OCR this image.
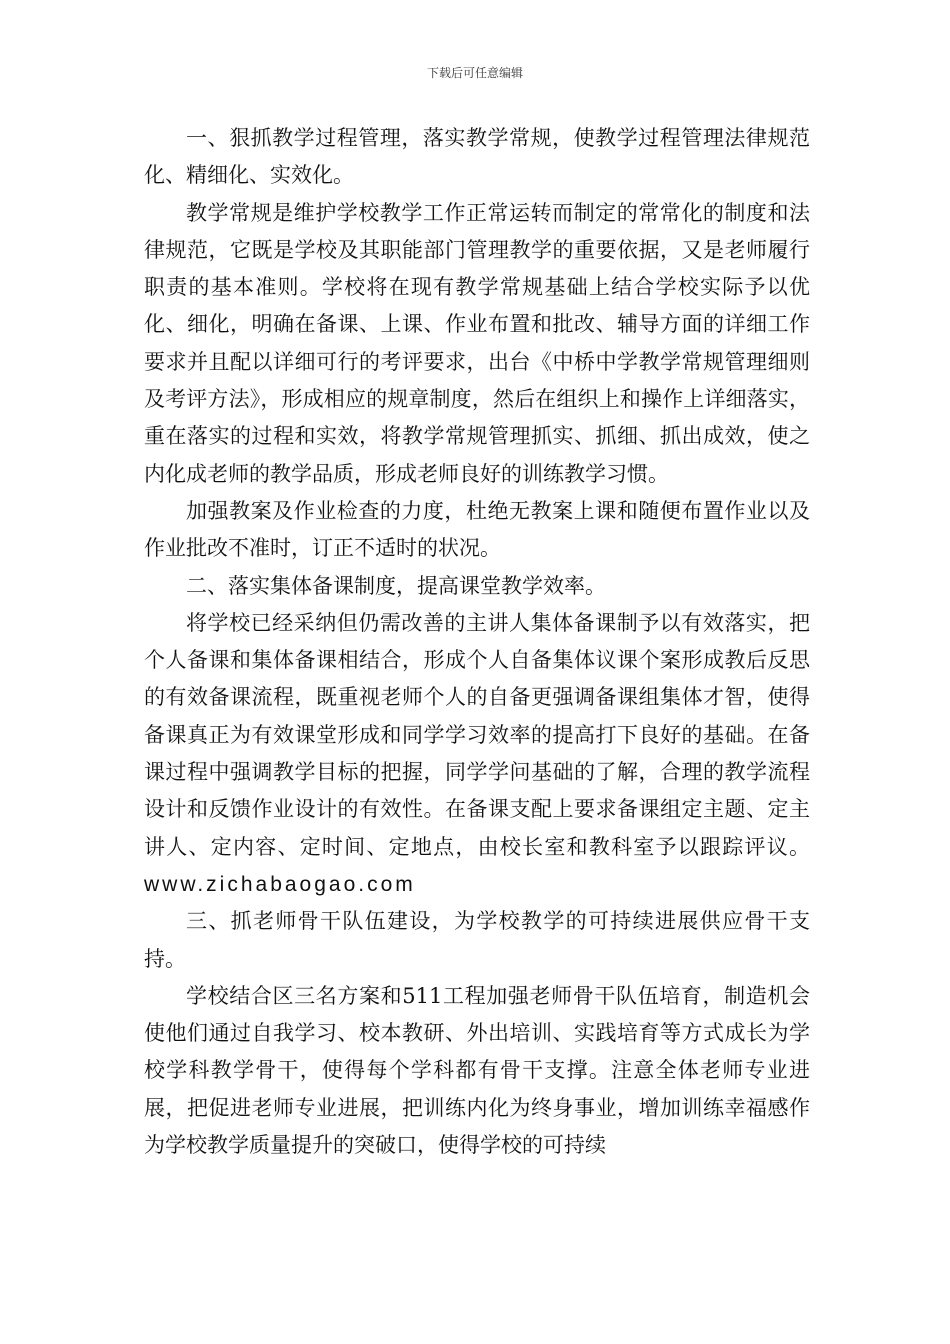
下载后可任意编辑

一、狠抓教学过程管理，落实教学常规，使教学过程管理法律规范化、精细化、实效化。

教学常规是维护学校教学工作正常运转而制定的常常化的制度和法律规范，它既是学校及其职能部门管理教学的重要依据，又是老师履行职责的基本准则。学校将在现有教学常规基础上结合学校实际予以优化、细化，明确在备课、上课、作业布置和批改、辅导方面的详细工作要求并且配以详细可行的考评要求，出台《中桥中学教学常规管理细则及考评方法》，形成相应的规章制度，然后在组织上和操作上详细落实，重在落实的过程和实效，将教学常规管理抓实、抓细、抓出成效，使之内化成老师的教学品质，形成老师良好的训练教学习惯。

加强教案及作业检查的力度，杜绝无教案上课和随便布置作业以及作业批改不准时，订正不适时的状况。

二、落实集体备课制度，提高课堂教学效率。

将学校已经采纳但仍需改善的主讲人集体备课制予以有效落实，把个人备课和集体备课相结合，形成个人自备集体议课个案形成教后反思的有效备课流程，既重视老师个人的自备更强调备课组集体才智，使得备课真正为有效课堂形成和同学学习效率的提高打下良好的基础。在备课过程中强调教学目标的把握，同学学问基础的了解，合理的教学流程设计和反馈作业设计的有效性。在备课支配上要求备课组定主题、定主讲人、定内容、定时间、定地点，由校长室和教科室予以跟踪评议。www.zichabaogao.com

三、抓老师骨干队伍建设，为学校教学的可持续进展供应骨干支持。

学校结合区三名方案和511工程加强老师骨干队伍培育，制造机会使他们通过自我学习、校本教研、外出培训、实践培育等方式成长为学校学科教学骨干，使得每个学科都有骨干支撑。注意全体老师专业进展，把促进老师专业进展，把训练内化为终身事业，增加训练幸福感作为学校教学质量提升的突破口，使得学校的可持续
